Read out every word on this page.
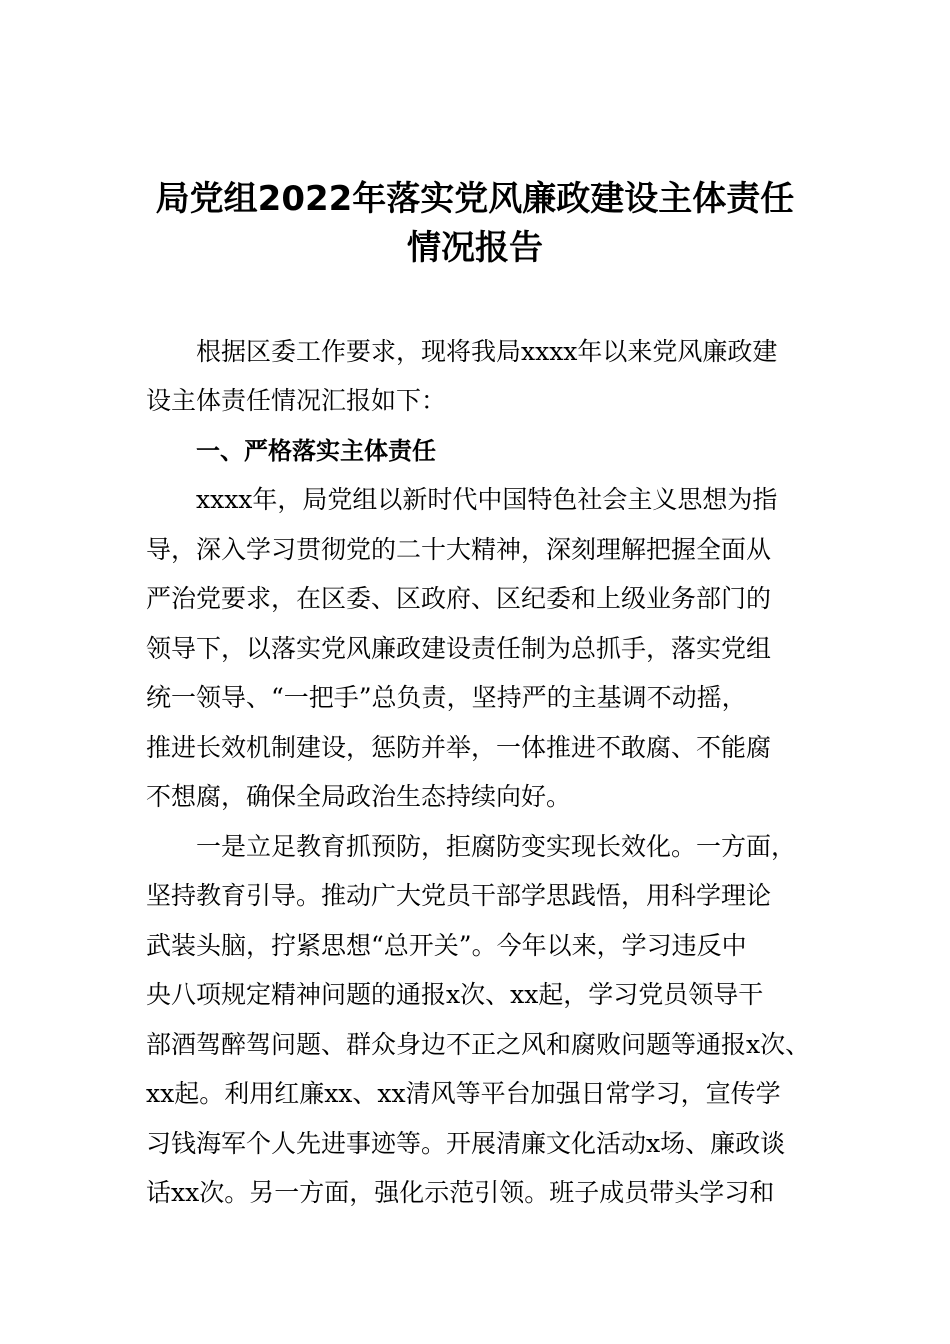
局党组2022年落实党风廉政建设主体责任
情况报告
根据区委工作要求，现将我局xxxx年以来党风廉政建
设主体责任情况汇报如下：
一、严格落实主体责任
xxxx年，局党组以新时代中国特色社会主义思想为指
导，深入学习贯彻党的二十大精神，深刻理解把握全面从
严治党要求，在区委、区政府、区纪委和上级业务部门的
领导下，以落实党风廉政建设责任制为总抓手，落实党组
统一领导、“一把手”总负责，坚持严的主基调不动摇，
推进长效机制建设，惩防并举，一体推进不敢腐、不能腐
不想腐，确保全局政治生态持续向好。
一是立足教育抓预防，拒腐防变实现长效化。一方面，
坚持教育引导。推动广大党员干部学思践悟，用科学理论
武装头脑，拧紧思想“总开关”。今年以来，学习违反中
央八项规定精神问题的通报x次、xx起，学习党员领导干
部酒驾醉驾问题、群众身边不正之风和腐败问题等通报x次、
xx起。利用红廉xx、xx清风等平台加强日常学习，宣传学
习钱海军个人先进事迹等。开展清廉文化活动x场、廉政谈
话xx次。另一方面，强化示范引领。班子成员带头学习和
